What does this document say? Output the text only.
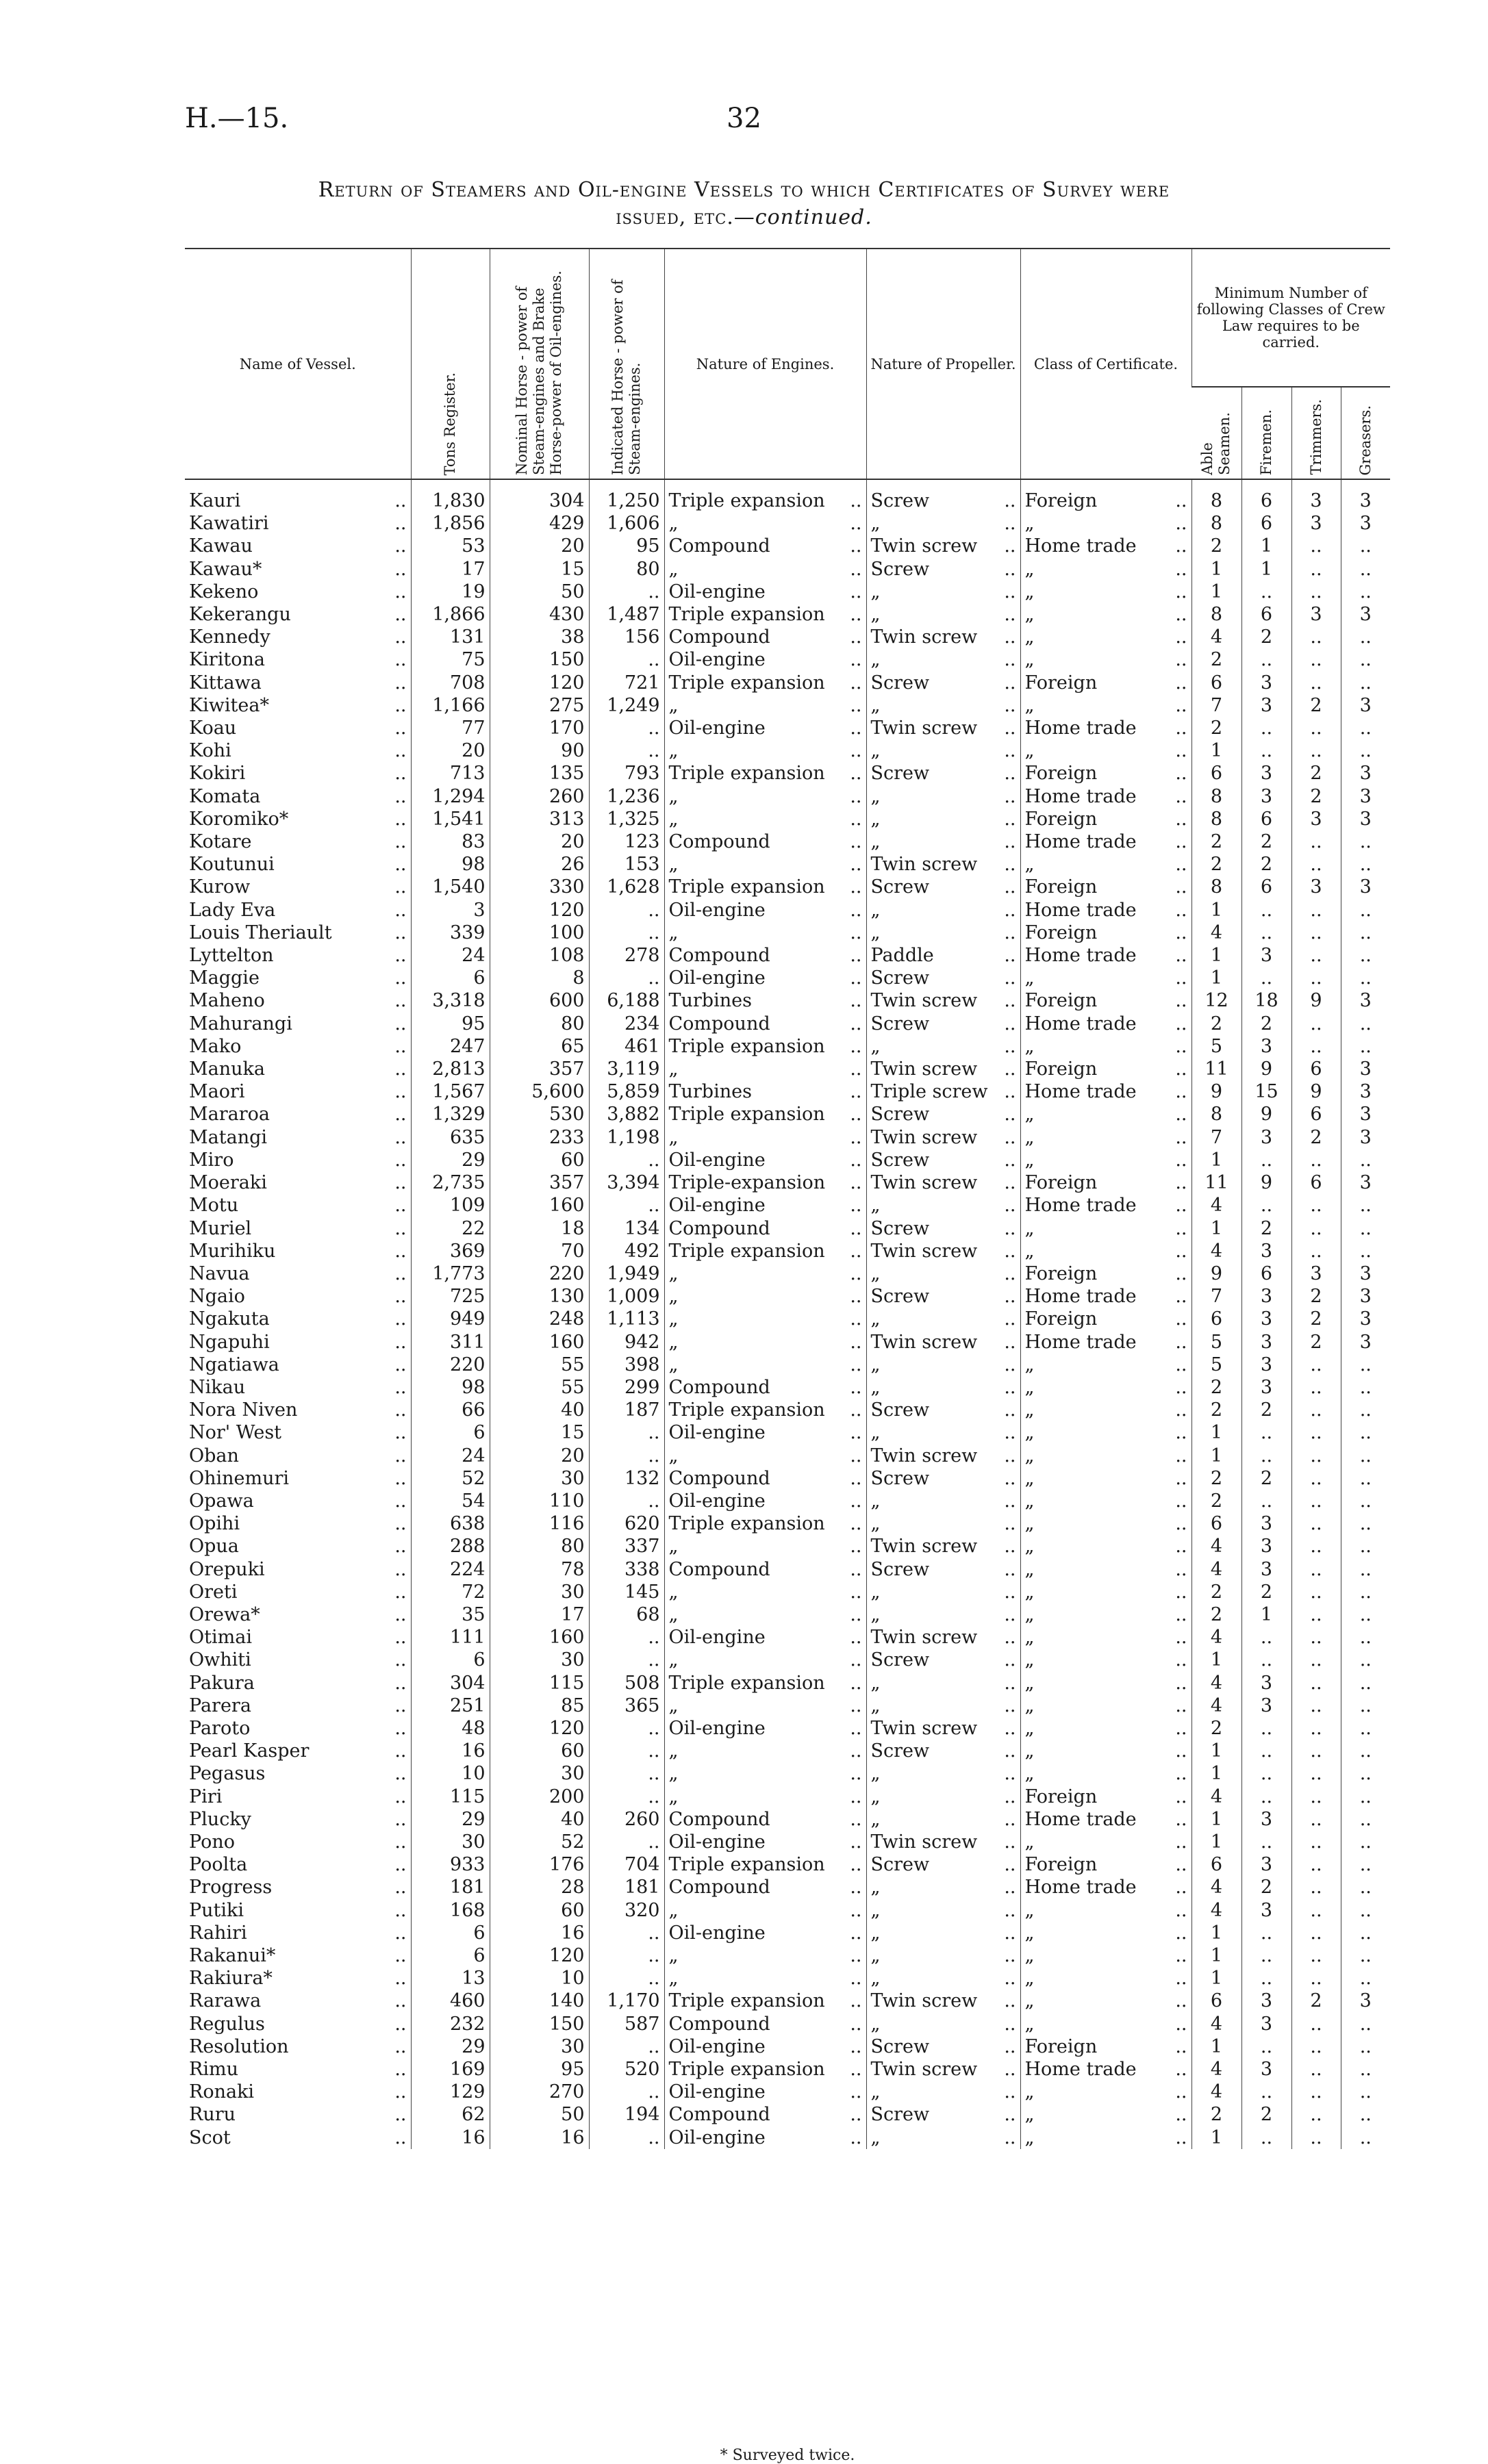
H.—15.	32
Return of Steamers and Oil-engine Vessels to which Certificates of Survey were
issued, etc.—continued.
Name of Vessel.	Tons Register.	Nominal Horse - power of Steam-engines and Brake Horse-power of Oil-engines.	Indicated Horse - power of Steam-engines.	Nature of Engines.	Nature of Propeller.	Class of Certificate.	Minimum Number of following Classes of Crew Law requires to be carried.			
							Able Seamen.	Firemen.	Trimmers.	Greasers.

Kauri ..	1,830	304	1,250	Triple expansion ..	Screw ..	Foreign ..	8	6	3	3

Kawatiri ..	1,856	429	1,606	„ ..	„ ..	„ ..	8	6	3	3

Kawau ..	53	20	95	Compound ..	Twin screw ..	Home trade ..	2	1	..	..

Kawau* ..	17	15	80	„ ..	Screw ..	„ ..	1	1	..	..

Kekeno ..	19	50	..	Oil-engine ..	„ ..	„ ..	1	..	..	..

Kekerangu ..	1,866	430	1,487	Triple expansion ..	„ ..	„ ..	8	6	3	3

Kennedy ..	131	38	156	Compound ..	Twin screw ..	„ ..	4	2	..	..

Kiritona ..	75	150	..	Oil-engine ..	„ ..	„ ..	2	..	..	..

Kittawa ..	708	120	721	Triple expansion ..	Screw ..	Foreign ..	6	3	..	..

Kiwitea* ..	1,166	275	1,249	„ ..	„ ..	„ ..	7	3	2	3

Koau ..	77	170	..	Oil-engine ..	Twin screw ..	Home trade ..	2	..	..	..

Kohi ..	20	90	..	„ ..	„ ..	„ ..	1	..	..	..

Kokiri ..	713	135	793	Triple expansion ..	Screw ..	Foreign ..	6	3	2	3

Komata ..	1,294	260	1,236	„ ..	„ ..	Home trade ..	8	3	2	3

Koromiko* ..	1,541	313	1,325	„ ..	„ ..	Foreign ..	8	6	3	3

Kotare ..	83	20	123	Compound ..	„ ..	Home trade ..	2	2	..	..

Koutunui ..	98	26	153	„ ..	Twin screw ..	„ ..	2	2	..	..

Kurow ..	1,540	330	1,628	Triple expansion ..	Screw ..	Foreign ..	8	6	3	3

Lady Eva ..	3	120	..	Oil-engine ..	„ ..	Home trade ..	1	..	..	..

Louis Theriault ..	339	100	..	„ ..	„ ..	Foreign ..	4	..	..	..

Lyttelton ..	24	108	278	Compound ..	Paddle ..	Home trade ..	1	3	..	..

Maggie ..	6	8	..	Oil-engine ..	Screw ..	„ ..	1	..	..	..

Maheno ..	3,318	600	6,188	Turbines ..	Twin screw ..	Foreign ..	12	18	9	3

Mahurangi ..	95	80	234	Compound ..	Screw ..	Home trade ..	2	2	..	..

Mako ..	247	65	461	Triple expansion ..	„ ..	„ ..	5	3	..	..

Manuka ..	2,813	357	3,119	„ ..	Twin screw ..	Foreign ..	11	9	6	3

Maori ..	1,567	5,600	5,859	Turbines ..	Triple screw ..	Home trade ..	9	15	9	3

Mararoa ..	1,329	530	3,882	Triple expansion ..	Screw ..	„ ..	8	9	6	3

Matangi ..	635	233	1,198	„ ..	Twin screw ..	„ ..	7	3	2	3

Miro ..	29	60	..	Oil-engine ..	Screw ..	„ ..	1	..	..	..

Moeraki ..	2,735	357	3,394	Triple-expansion ..	Twin screw ..	Foreign ..	11	9	6	3

Motu ..	109	160	..	Oil-engine ..	„ ..	Home trade ..	4	..	..	..

Muriel ..	22	18	134	Compound ..	Screw ..	„ ..	1	2	..	..

Murihiku ..	369	70	492	Triple expansion ..	Twin screw ..	„ ..	4	3	..	..

Navua ..	1,773	220	1,949	„ ..	„ ..	Foreign ..	9	6	3	3

Ngaio ..	725	130	1,009	„ ..	Screw ..	Home trade ..	7	3	2	3

Ngakuta ..	949	248	1,113	„ ..	„ ..	Foreign ..	6	3	2	3

Ngapuhi ..	311	160	942	„ ..	Twin screw ..	Home trade ..	5	3	2	3

Ngatiawa ..	220	55	398	„ ..	„ ..	„ ..	5	3	..	..

Nikau ..	98	55	299	Compound ..	„ ..	„ ..	2	3	..	..

Nora Niven ..	66	40	187	Triple expansion ..	Screw ..	„ ..	2	2	..	..

Nor' West ..	6	15	..	Oil-engine ..	„ ..	„ ..	1	..	..	..

Oban ..	24	20	..	„ ..	Twin screw ..	„ ..	1	..	..	..

Ohinemuri ..	52	30	132	Compound ..	Screw ..	„ ..	2	2	..	..

Opawa ..	54	110	..	Oil-engine ..	„ ..	„ ..	2	..	..	..

Opihi ..	638	116	620	Triple expansion ..	„ ..	„ ..	6	3	..	..

Opua ..	288	80	337	„ ..	Twin screw ..	„ ..	4	3	..	..

Orepuki ..	224	78	338	Compound ..	Screw ..	„ ..	4	3	..	..

Oreti ..	72	30	145	„ ..	„ ..	„ ..	2	2	..	..

Orewa* ..	35	17	68	„ ..	„ ..	„ ..	2	1	..	..

Otimai ..	111	160	..	Oil-engine ..	Twin screw ..	„ ..	4	..	..	..

Owhiti ..	6	30	..	„ ..	Screw ..	„ ..	1	..	..	..

Pakura ..	304	115	508	Triple expansion ..	„ ..	„ ..	4	3	..	..

Parera ..	251	85	365	„ ..	„ ..	„ ..	4	3	..	..

Paroto ..	48	120	..	Oil-engine ..	Twin screw ..	„ ..	2	..	..	..

Pearl Kasper ..	16	60	..	„ ..	Screw ..	„ ..	1	..	..	..

Pegasus ..	10	30	..	„ ..	„ ..	„ ..	1	..	..	..

Piri ..	115	200	..	„ ..	„ ..	Foreign ..	4	..	..	..

Plucky ..	29	40	260	Compound ..	„ ..	Home trade ..	1	3	..	..

Pono ..	30	52	..	Oil-engine ..	Twin screw ..	„ ..	1	..	..	..

Poolta ..	933	176	704	Triple expansion ..	Screw ..	Foreign ..	6	3	..	..

Progress ..	181	28	181	Compound ..	„ ..	Home trade ..	4	2	..	..

Putiki ..	168	60	320	„ ..	„ ..	„ ..	4	3	..	..

Rahiri ..	6	16	..	Oil-engine ..	„ ..	„ ..	1	..	..	..

Rakanui* ..	6	120	..	„ ..	„ ..	„ ..	1	..	..	..

Rakiura* ..	13	10	..	„ ..	„ ..	„ ..	1	..	..	..

Rarawa ..	460	140	1,170	Triple expansion ..	Twin screw ..	„ ..	6	3	2	3

Regulus ..	232	150	587	Compound ..	„ ..	„ ..	4	3	..	..

Resolution ..	29	30	..	Oil-engine ..	Screw ..	Foreign ..	1	..	..	..

Rimu ..	169	95	520	Triple expansion ..	Twin screw ..	Home trade ..	4	3	..	..

Ronaki ..	129	270	..	Oil-engine ..	„ ..	„ ..	4	..	..	..

Ruru ..	62	50	194	Compound ..	Screw ..	„ ..	2	2	..	..

Scot ..	16	16	..	Oil-engine ..	„ ..	„ ..	1	..	..	..
* Surveyed twice.
